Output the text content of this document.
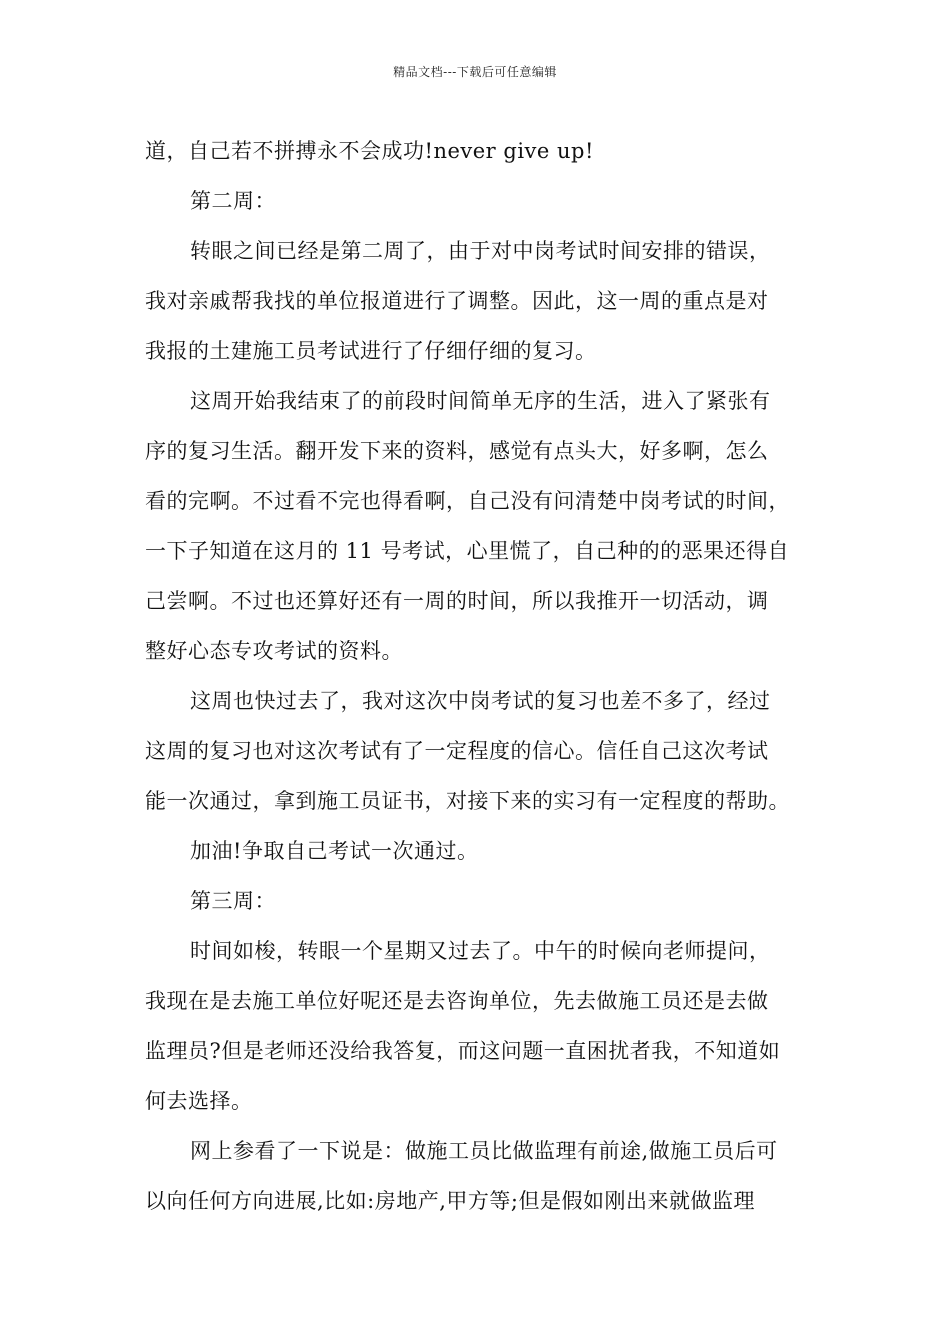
精品文档---下载后可任意编辑
道，自己若不拼搏永不会成功!never give up!
第二周：
转眼之间已经是第二周了，由于对中岗考试时间安排的错误，
我对亲戚帮我找的单位报道进行了调整。因此，这一周的重点是对
我报的土建施工员考试进行了仔细仔细的复习。
这周开始我结束了的前段时间简单无序的生活，进入了紧张有
序的复习生活。翻开发下来的资料，感觉有点头大，好多啊，怎么
看的完啊。不过看不完也得看啊，自己没有问清楚中岗考试的时间，
一下子知道在这月的 11 号考试，心里慌了，自己种的的恶果还得自
己尝啊。不过也还算好还有一周的时间，所以我推开一切活动，调
整好心态专攻考试的资料。
这周也快过去了，我对这次中岗考试的复习也差不多了，经过
这周的复习也对这次考试有了一定程度的信心。信任自己这次考试
能一次通过，拿到施工员证书，对接下来的实习有一定程度的帮助。
加油!争取自己考试一次通过。
第三周：
时间如梭，转眼一个星期又过去了。中午的时候向老师提问，
我现在是去施工单位好呢还是去咨询单位，先去做施工员还是去做
监理员?但是老师还没给我答复，而这问题一直困扰者我，不知道如
何去选择。
网上参看了一下说是：做施工员比做监理有前途,做施工员后可
以向任何方向进展,比如:房地产,甲方等;但是假如刚出来就做监理
